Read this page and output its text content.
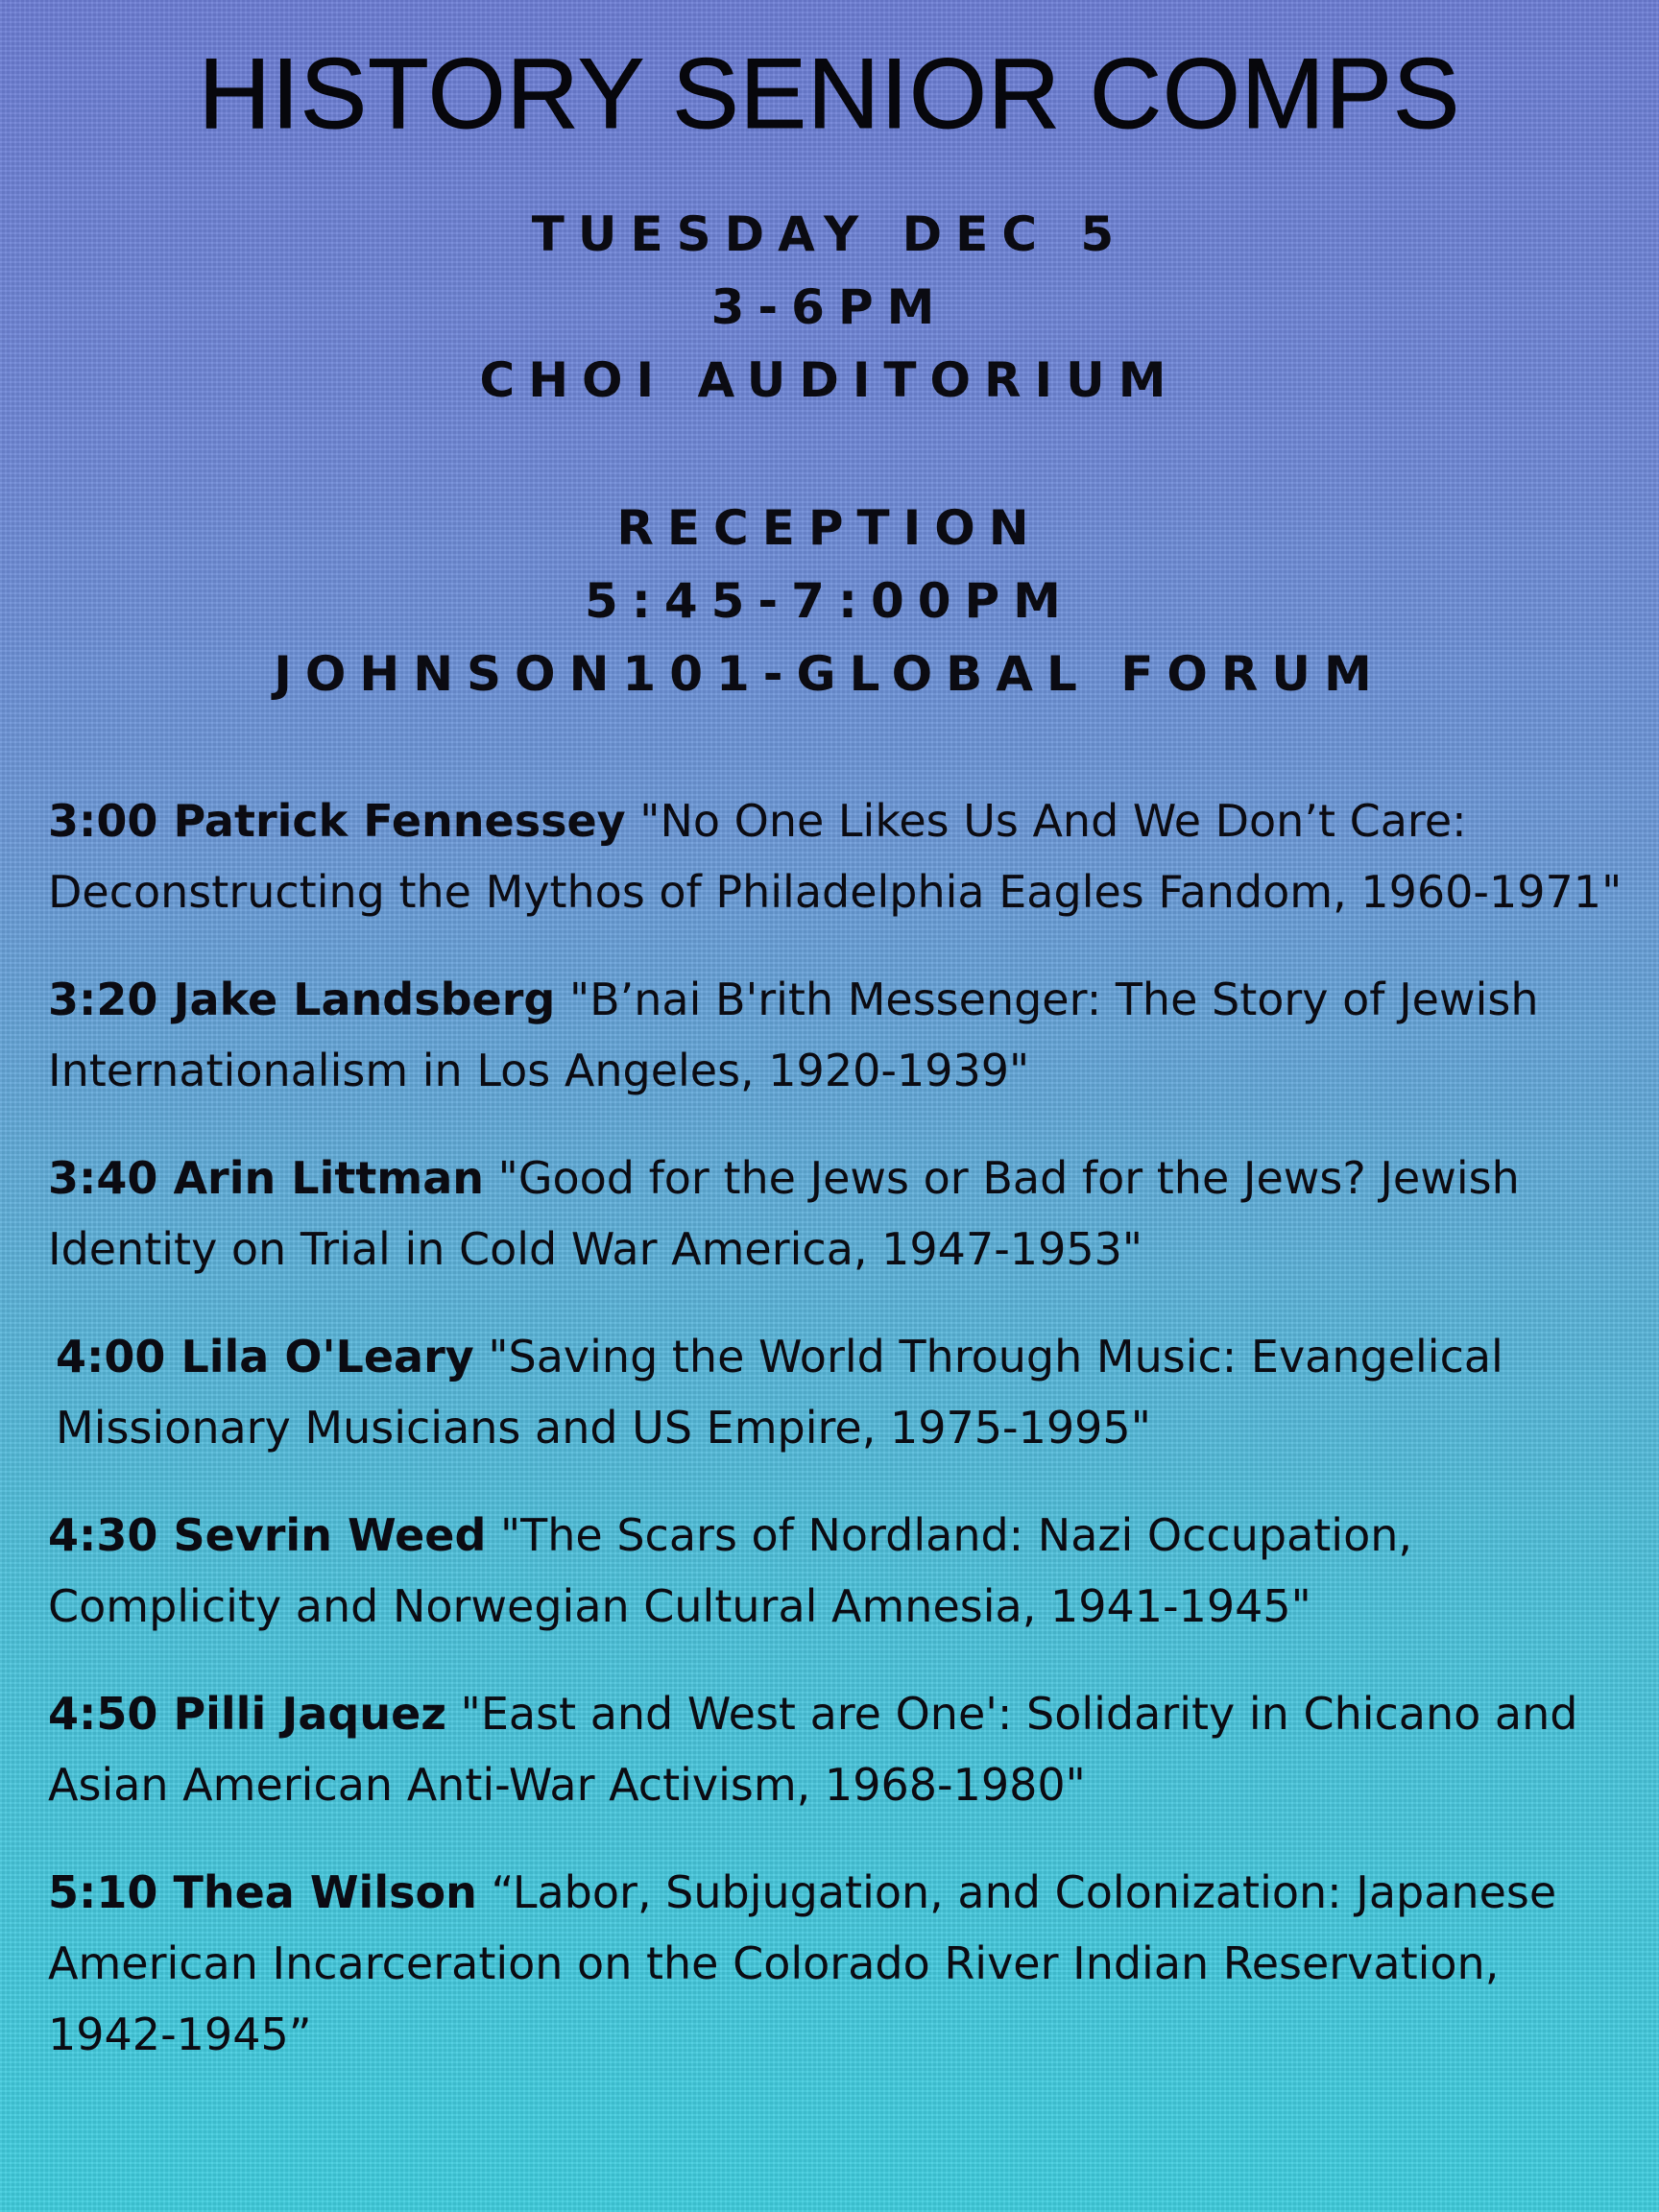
HISTORY SENIOR COMPS

TUESDAY DEC 5

3-6PM

CHOI AUDITORIUM

RECEPTION

5:45-7:00PM

JOHNSON101-GLOBAL FORUM

3:00 Patrick Fennessey "No One Likes Us And We Don’t Care: Deconstructing the Mythos of Philadelphia Eagles Fandom, 1960-1971"

3:20 Jake Landsberg "B’nai B'rith Messenger: The Story of Jewish Internationalism in Los Angeles, 1920-1939"

3:40 Arin Littman "Good for the Jews or Bad for the Jews? Jewish Identity on Trial in Cold War America, 1947-1953"

4:00 Lila O'Leary "Saving the World Through Music: Evangelical Missionary Musicians and US Empire, 1975-1995"

4:30 Sevrin Weed "The Scars of Nordland: Nazi Occupation, Complicity and Norwegian Cultural Amnesia, 1941-1945"

4:50 Pilli Jaquez "East and West are One': Solidarity in Chicano and Asian American Anti-War Activism, 1968-1980"

5:10 Thea Wilson “Labor, Subjugation, and Colonization: Japanese American Incarceration on the Colorado River Indian Reservation, 1942-1945”
